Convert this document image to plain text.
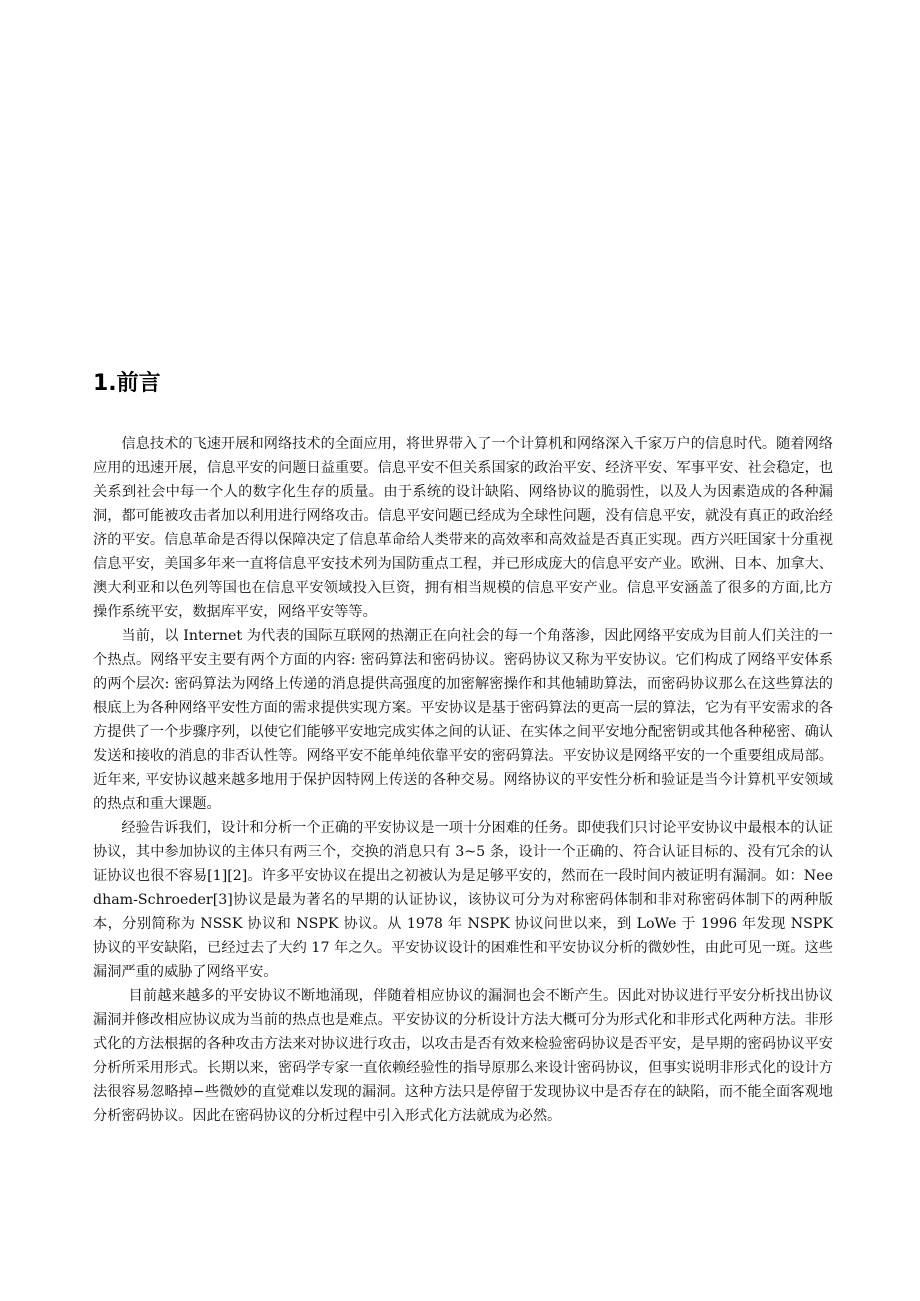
1.前言

信息技术的飞速开展和网络技术的全面应用，将世界带入了一个计算机和网络深入千家万户的信息时代。随着网络应用的迅速开展，信息平安的问题日益重要。信息平安不但关系国家的政治平安、经济平安、军事平安、社会稳定，也关系到社会中每一个人的数字化生存的质量。由于系统的设计缺陷、网络协议的脆弱性，以及人为因素造成的各种漏洞，都可能被攻击者加以利用进行网络攻击。信息平安问题已经成为全球性问题，没有信息平安，就没有真正的政治经济的平安。信息革命是否得以保障决定了信息革命给人类带来的高效率和高效益是否真正实现。西方兴旺国家十分重视信息平安，美国多年来一直将信息平安技术列为国防重点工程，并已形成庞大的信息平安产业。欧洲、日本、加拿大、澳大利亚和以色列等国也在信息平安领域投入巨资，拥有相当规模的信息平安产业。信息平安涵盖了很多的方面,比方操作系统平安，数据库平安，网络平安等等。

当前，以 Internet 为代表的国际互联网的热潮正在向社会的每一个角落渗，因此网络平安成为目前人们关注的一个热点。网络平安主要有两个方面的内容: 密码算法和密码协议。密码协议又称为平安协议。它们构成了网络平安体系的两个层次: 密码算法为网络上传递的消息提供高强度的加密解密操作和其他辅助算法，而密码协议那么在这些算法的根底上为各种网络平安性方面的需求提供实现方案。平安协议是基于密码算法的更高一层的算法，它为有平安需求的各方提供了一个步骤序列，以使它们能够平安地完成实体之间的认证、在实体之间平安地分配密钥或其他各种秘密、确认发送和接收的消息的非否认性等。网络平安不能单纯依靠平安的密码算法。平安协议是网络平安的一个重要组成局部。近年来, 平安协议越来越多地用于保护因特网上传送的各种交易。网络协议的平安性分析和验证是当今计算机平安领域的热点和重大课题。

经验告诉我们，设计和分析一个正确的平安协议是一项十分困难的任务。即使我们只讨论平安协议中最根本的认证协议，其中参加协议的主体只有两三个，交换的消息只有 3~5 条，设计一个正确的、符合认证目标的、没有冗余的认证协议也很不容易[1][2]。许多平安协议在提出之初被认为是足够平安的，然而在一段时间内被证明有漏洞。如：Needham-Schroeder[3]协议是最为著名的早期的认证协议，该协议可分为对称密码体制和非对称密码体制下的两种版本，分别简称为 NSSK 协议和 NSPK 协议。从 1978 年 NSPK 协议问世以来，到 LoWe 于 1996 年发现 NSPK 协议的平安缺陷，已经过去了大约 17 年之久。平安协议设计的困难性和平安协议分析的微妙性，由此可见一斑。这些漏洞严重的威胁了网络平安。

目前越来越多的平安协议不断地涌现，伴随着相应协议的漏洞也会不断产生。因此对协议进行平安分析找出协议漏洞并修改相应协议成为当前的热点也是难点。平安协议的分析设计方法大概可分为形式化和非形式化两种方法。非形式化的方法根据的各种攻击方法来对协议进行攻击，以攻击是否有效来检验密码协议是否平安，是早期的密码协议平安分析所采用形式。长期以来，密码学专家一直依赖经验性的指导原那么来设计密码协议，但事实说明非形式化的设计方法很容易忽略掉−些微妙的直觉难以发现的漏洞。这种方法只是停留于发现协议中是否存在的缺陷，而不能全面客观地分析密码协议。因此在密码协议的分析过程中引入形式化方法就成为必然。
